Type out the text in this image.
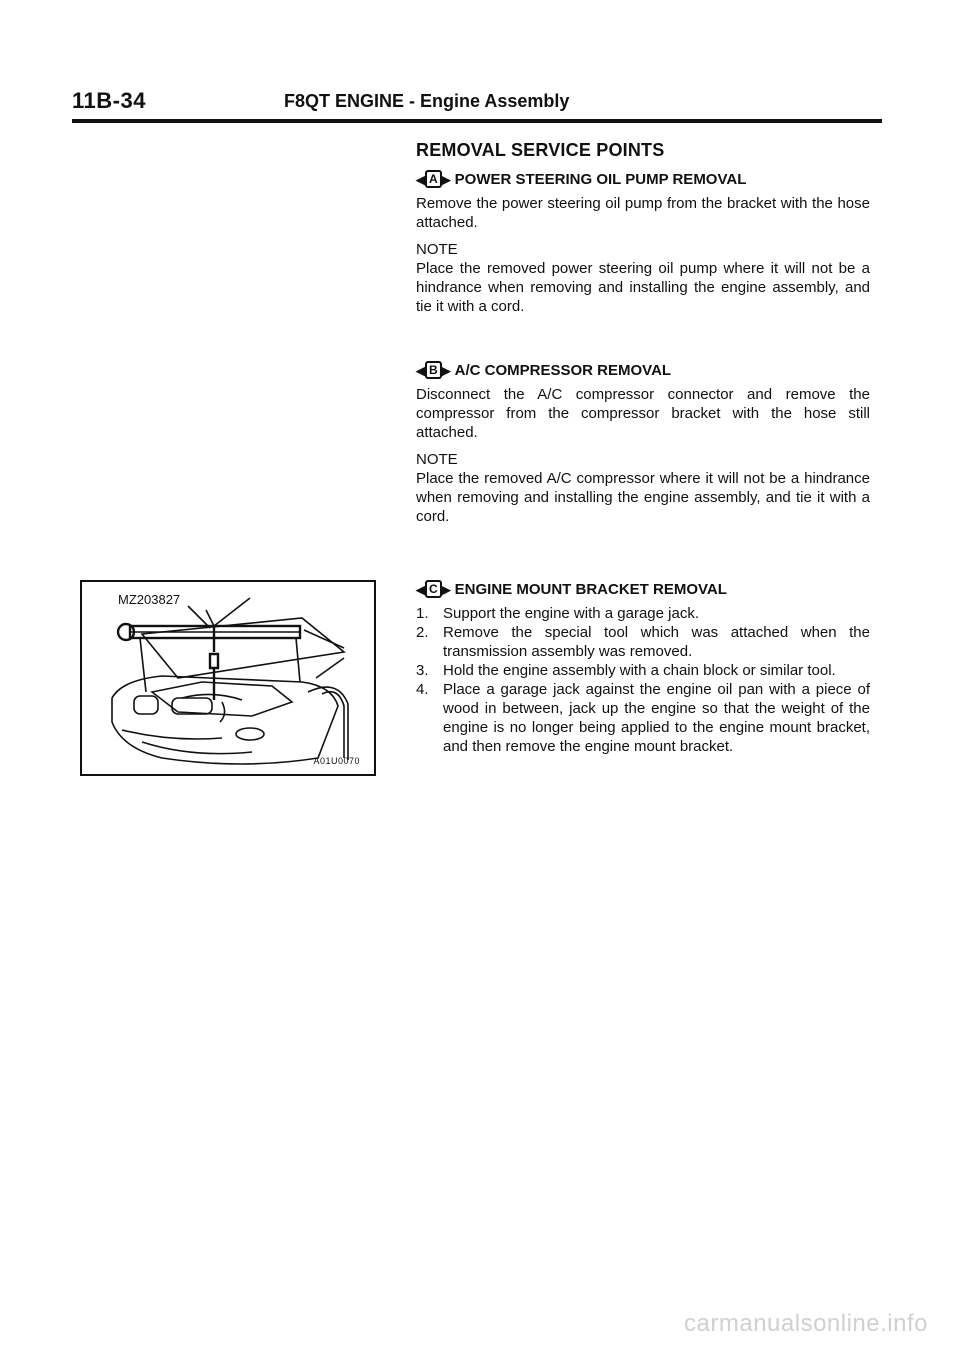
11B-34	F8QT ENGINE - Engine Assembly
REMOVAL SERVICE POINTS
◀ A ▶ POWER STEERING OIL PUMP REMOVAL

Remove the power steering oil pump from the bracket with the hose attached.

NOTE

Place the removed power steering oil pump where it will not be a hindrance when removing and installing the engine assembly, and tie it with a cord.

◀ B ▶ A/C COMPRESSOR REMOVAL

Disconnect the A/C compressor connector and remove the compressor from the compressor bracket with the hose still attached.

NOTE

Place the removed A/C compressor where it will not be a hindrance when removing and installing the engine assembly, and tie it with a cord.

◀ C ▶ ENGINE MOUNT BRACKET REMOVAL
1. Support the engine with a garage jack.
2. Remove the special tool which was attached when the transmission assembly was removed.
3. Hold the engine assembly with a chain block or similar tool.
4. Place a garage jack against the engine oil pan with a piece of wood in between, jack up the engine so that the weight of the engine is no longer being applied to the engine mount bracket, and then remove the engine mount bracket.
MZ203827
A01U0070
carmanualsonline.info
